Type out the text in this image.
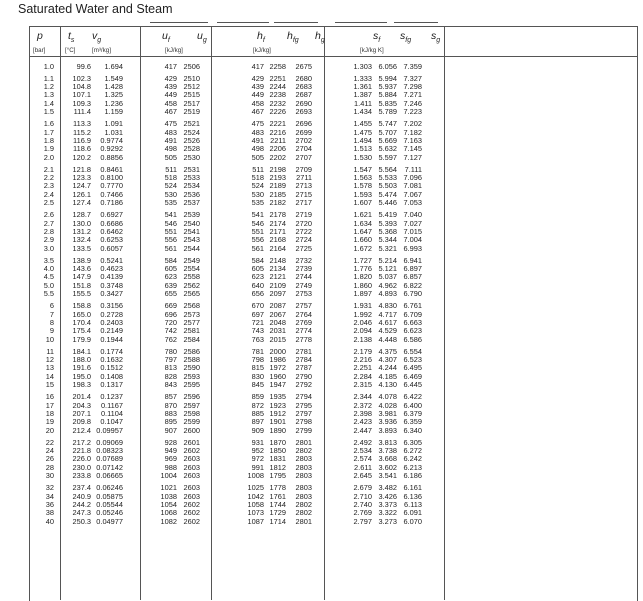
Saturated Water and Steam
p $t_s$ $v_g$	$u_f$	$u_g$	$h_f$ $h_{fg}$ $h_g$	$s_f$ $s_{fg}$ $s_g$
[bar]	[°C]	[m³/kg]	[kJ/kg]	[kJ/kg]	[kJ/kg K]
1.0	99.6 1.694	417 2506	417 2258 2675	1.303 6.056 7.359
1.1	102.3 1.549	429 2510	429 2251 2680	1.333 5.994 7.327
1.2	104.8 1.428	439 2512	439 2244 2683	1.361 5.937 7.298
1.3	107.1 1.325	449 2515	449 2238 2687	1.387 5.884 7.271
1.4	109.3 1.236	458 2517	458 2232 2690	1.411 5.835 7.246
1.5	111.4 1.159	467 2519	467 2226 2693	1.434 5.789 7.223
1.6	113.3 1.091	475 2521	475 2221 2696	1.455 5.747 7.202
1.7	115.2 1.031	483 2524	483 2216 2699	1.475 5.707 7.182
1.8	116.9 0.9774	491 2526	491 2211 2702	1.494 5.669 7.163
1.9	118.6 0.9292	498 2528	498 2206 2704	1.513 5.632 7.145
2.0	120.2 0.8856	505 2530	505 2202 2707	1.530 5.597 7.127
2.1	121.8 0.8461	511 2531	511 2198 2709	1.547 5.564 7.111
2.2	123.3 0.8100	518 2533	518 2193 2711	1.563 5.533 7.096
2.3	124.7 0.7770	524 2534	524 2189 2713	1.578 5.503 7.081
2.4	126.1 0.7466	530 2536	530 2185 2715	1.593 5.474 7.067
2.5	127.4 0.7186	535 2537	535 2182 2717	1.607 5.446 7.053
2.6	128.7 0.6927	541 2539	541 2178 2719	1.621 5.419 7.040
2.7	130.0 0.6686	546 2540	546 2174 2720	1.634 5.393 7.027
2.8	131.2 0.6462	551 2541	551 2171 2722	1.647 5.368 7.015
2.9	132.4 0.6253	556 2543	556 2168 2724	1.660 5.344 7.004
3.0	133.5 0.6057	561 2544	561 2164 2725	1.672 5.321 6.993
3.5	138.9 0.5241	584 2549	584 2148 2732	1.727 5.214 6.941
4.0	143.6 0.4623	605 2554	605 2134 2739	1.776 5.121 6.897
4.5	147.9 0.4139	623 2558	623 2121 2744	1.820 5.037 6.857
5.0	151.8 0.3748	639 2562	640 2109 2749	1.860 4.962 6.822
5.5	155.5 0.3427	655 2565	656 2097 2753	1.897 4.893 6.790
6	158.8 0.3156	669 2568	670 2087 2757	1.931 4.830 6.761
7	165.0 0.2728	696 2573	697 2067 2764	1.992 4.717 6.709
8	170.4 0.2403	720 2577	721 2048 2769	2.046 4.617 6.663
9	175.4 0.2149	742 2581	743 2031 2774	2.094 4.529 6.623
10	179.9 0.1944	762 2584	763 2015 2778	2.138 4.448 6.586
11	184.1 0.1774	780 2586	781 2000 2781	2.179 4.375 6.554
12	188.0 0.1632	797 2588	798 1986 2784	2.216 4.307 6.523
13	191.6 0.1512	813 2590	815 1972 2787	2.251 4.244 6.495
14	195.0 0.1408	828 2593	830 1960 2790	2.284 4.185 6.469
15	198.3 0.1317	843 2595	845 1947 2792	2.315 4.130 6.445
16	201.4 0.1237	857 2596	859 1935 2794	2.344 4.078 6.422
17	204.3 0.1167	870 2597	872 1923 2795	2.372 4.028 6.400
18	207.1 0.1104	883 2598	885 1912 2797	2.398 3.981 6.379
19	209.8 0.1047	895 2599	897 1901 2798	2.423 3.936 6.359
20	212.4 0.09957	907 2600	909 1890 2799	2.447 3.893 6.340
22	217.2 0.09069	928 2601	931 1870 2801	2.492 3.813 6.305
24	221.8 0.08323	949 2602	952 1850 2802	2.534 3.738 6.272
26	226.0 0.07689	969 2603	972 1831 2803	2.574 3.668 6.242
28	230.0 0.07142	988 2603	991 1812 2803	2.611 3.602 6.213
30	233.8 0.06665	1004 2603	1008 1795 2803	2.645 3.541 6.186
32	237.4 0.06246	1021 2603	1025 1778 2803	2.679 3.482 6.161
34	240.9 0.05875	1038 2603	1042 1761 2803	2.710 3.426 6.136
36	244.2 0.05544	1054 2602	1058 1744 2802	2.740 3.373 6.113
38	247.3 0.05246	1068 2602	1073 1729 2802	2.769 3.322 6.091
40	250.3 0.04977	1082 2602	1087 1714 2801	2.797 3.273 6.070
